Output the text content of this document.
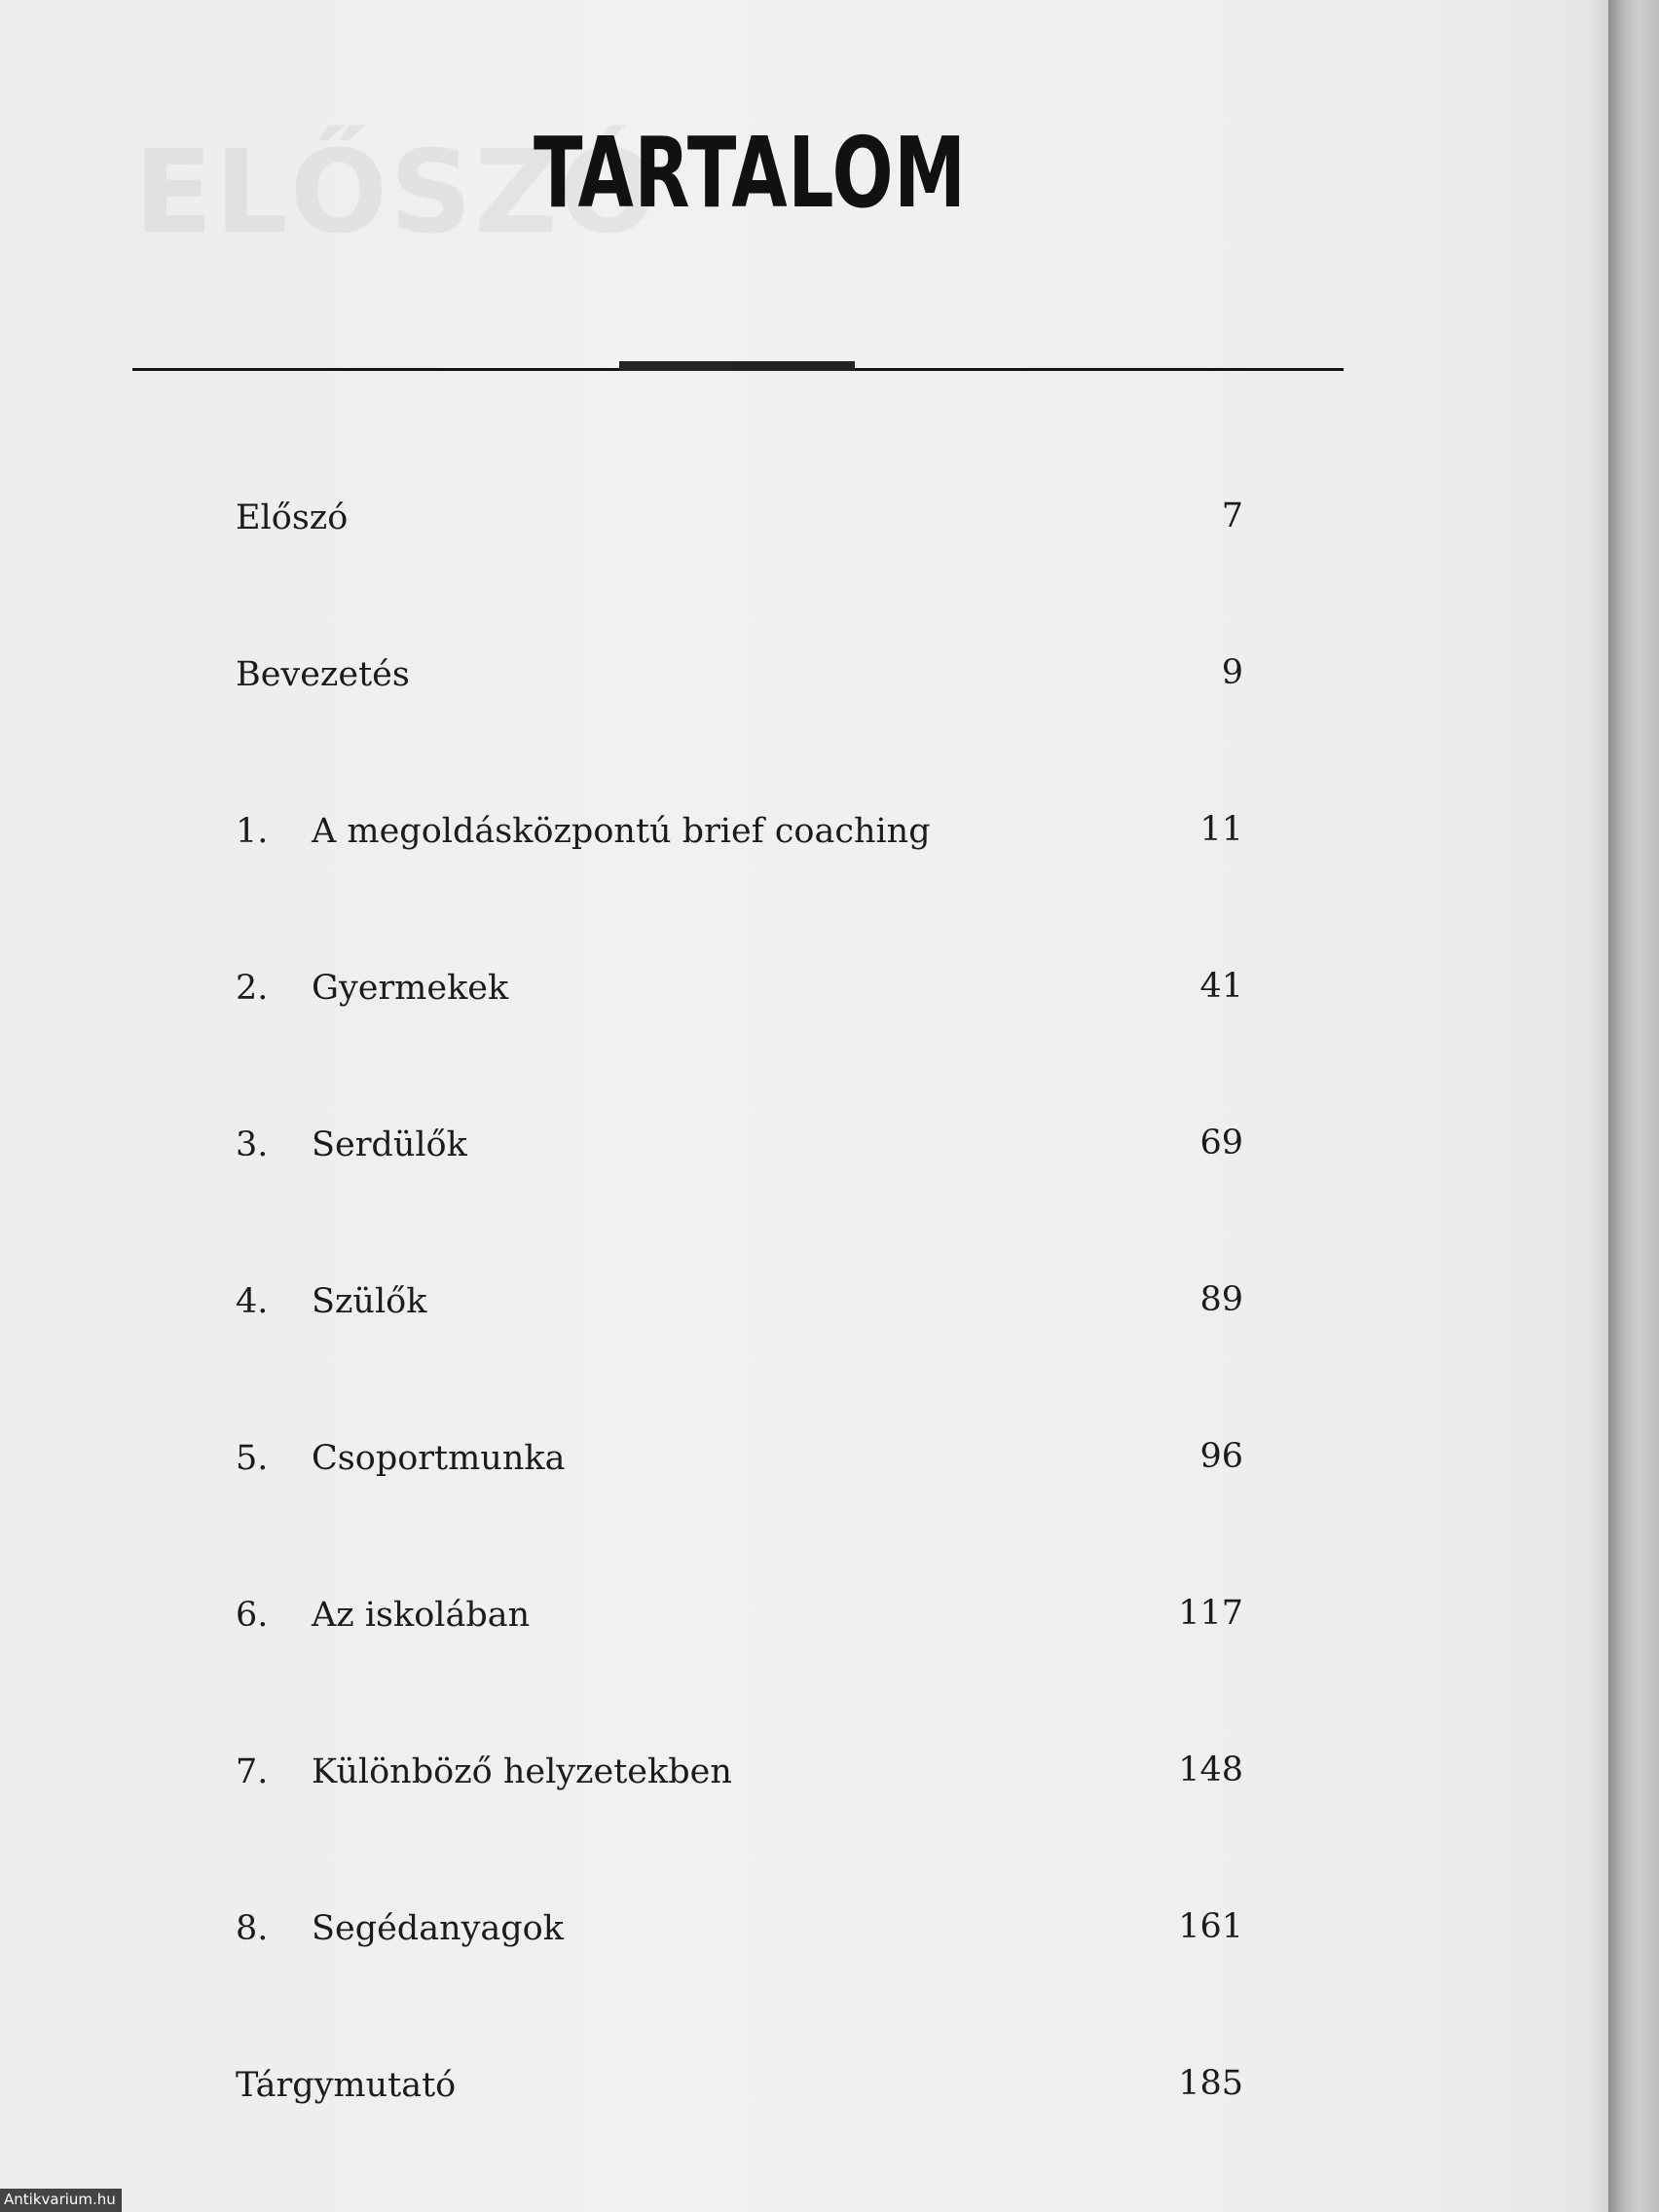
ELŐSZÓ
TARTALOM
Előszó	7
Bevezetés	9
1.	A megoldásközpontú brief coaching	11
2.	Gyermekek	41
3.	Serdülők	69
4.	Szülők	89
5.	Csoportmunka	96
6.	Az iskolában	117
7.	Különböző helyzetekben	148
8.	Segédanyagok	161
Tárgymutató	185
Antikvarium.hu
